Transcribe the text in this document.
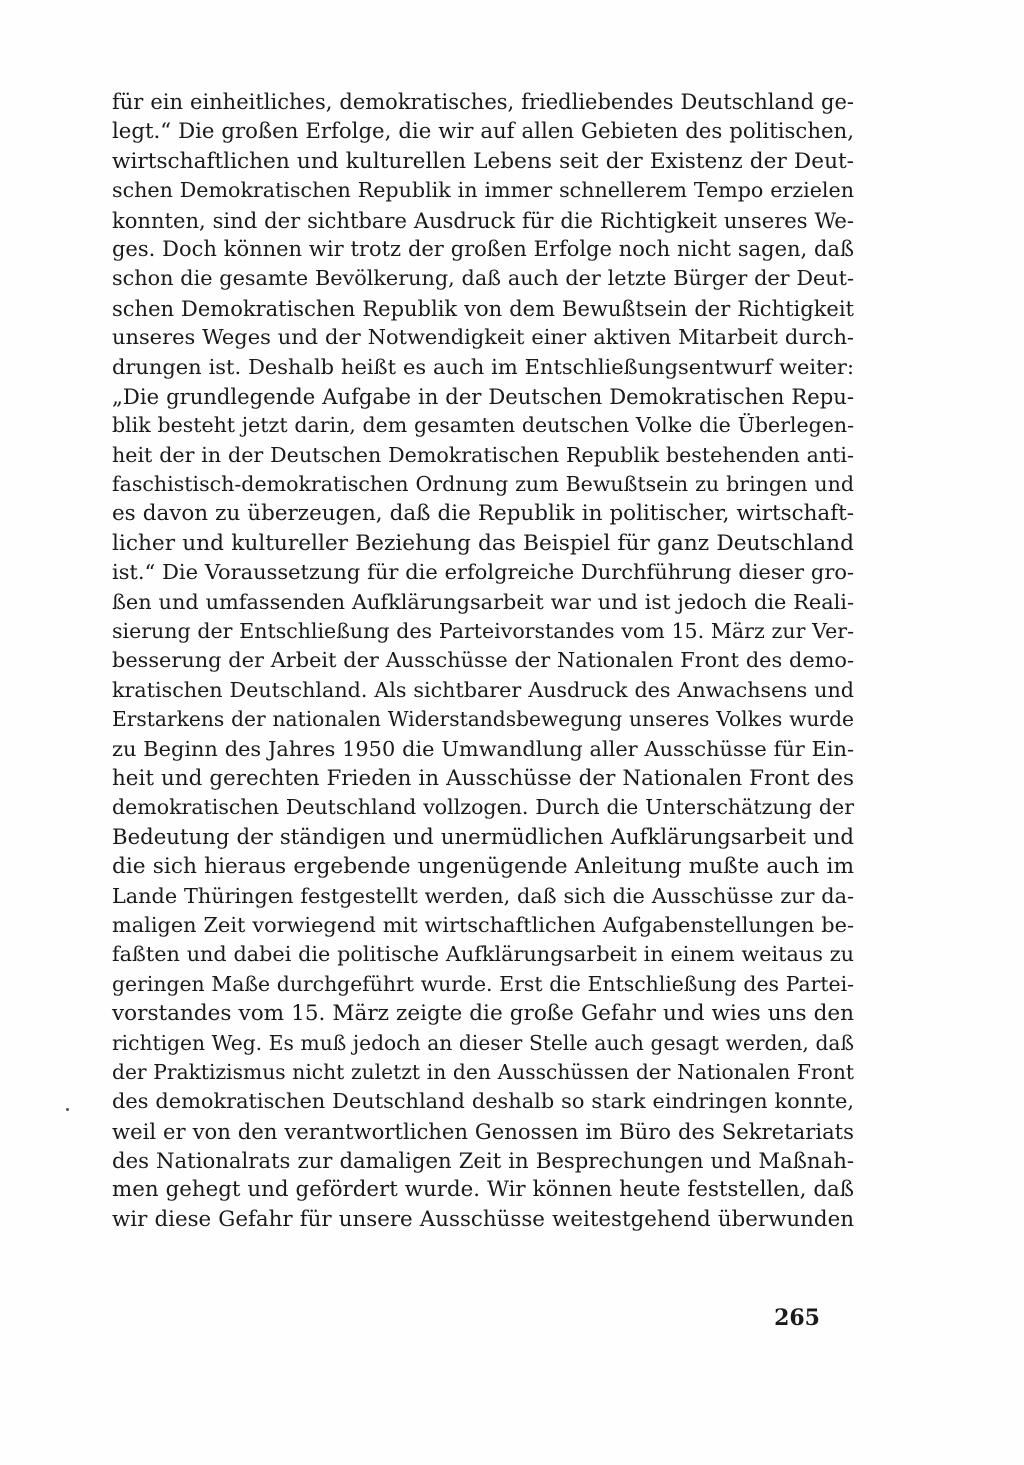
für ein einheitliches, demokratisches, friedliebendes Deutschland ge-
legt.“ Die großen Erfolge, die wir auf allen Gebieten des politischen,
wirtschaftlichen und kulturellen Lebens seit der Existenz der Deut-
schen Demokratischen Republik in immer schnellerem Tempo erzielen
konnten, sind der sichtbare Ausdruck für die Richtigkeit unseres We-
ges. Doch können wir trotz der großen Erfolge noch nicht sagen, daß
schon die gesamte Bevölkerung, daß auch der letzte Bürger der Deut-
schen Demokratischen Republik von dem Bewußtsein der Richtigkeit
unseres Weges und der Notwendigkeit einer aktiven Mitarbeit durch-
drungen ist. Deshalb heißt es auch im Entschließungsentwurf weiter:
„Die grundlegende Aufgabe in der Deutschen Demokratischen Repu-
blik besteht jetzt darin, dem gesamten deutschen Volke die Überlegen-
heit der in der Deutschen Demokratischen Republik bestehenden anti-
faschistisch-demokratischen Ordnung zum Bewußtsein zu bringen und
es davon zu überzeugen, daß die Republik in politischer, wirtschaft-
licher und kultureller Beziehung das Beispiel für ganz Deutschland
ist.“ Die Voraussetzung für die erfolgreiche Durchführung dieser gro-
ßen und umfassenden Aufklärungsarbeit war und ist jedoch die Reali-
sierung der Entschließung des Parteivorstandes vom 15. März zur Ver-
besserung der Arbeit der Ausschüsse der Nationalen Front des demo-
kratischen Deutschland. Als sichtbarer Ausdruck des Anwachsens und
Erstarkens der nationalen Widerstandsbewegung unseres Volkes wurde
zu Beginn des Jahres 1950 die Umwandlung aller Ausschüsse für Ein-
heit und gerechten Frieden in Ausschüsse der Nationalen Front des
demokratischen Deutschland vollzogen. Durch die Unterschätzung der
Bedeutung der ständigen und unermüdlichen Aufklärungsarbeit und
die sich hieraus ergebende ungenügende Anleitung mußte auch im
Lande Thüringen festgestellt werden, daß sich die Ausschüsse zur da-
maligen Zeit vorwiegend mit wirtschaftlichen Aufgabenstellungen be-
faßten und dabei die politische Aufklärungsarbeit in einem weitaus zu
geringen Maße durchgeführt wurde. Erst die Entschließung des Partei-
vorstandes vom 15. März zeigte die große Gefahr und wies uns den
richtigen Weg. Es muß jedoch an dieser Stelle auch gesagt werden, daß
der Praktizismus nicht zuletzt in den Ausschüssen der Nationalen Front
des demokratischen Deutschland deshalb so stark eindringen konnte,
weil er von den verantwortlichen Genossen im Büro des Sekretariats
des Nationalrats zur damaligen Zeit in Besprechungen und Maßnah-
men gehegt und gefördert wurde. Wir können heute feststellen, daß
wir diese Gefahr für unsere Ausschüsse weitestgehend überwunden
265
